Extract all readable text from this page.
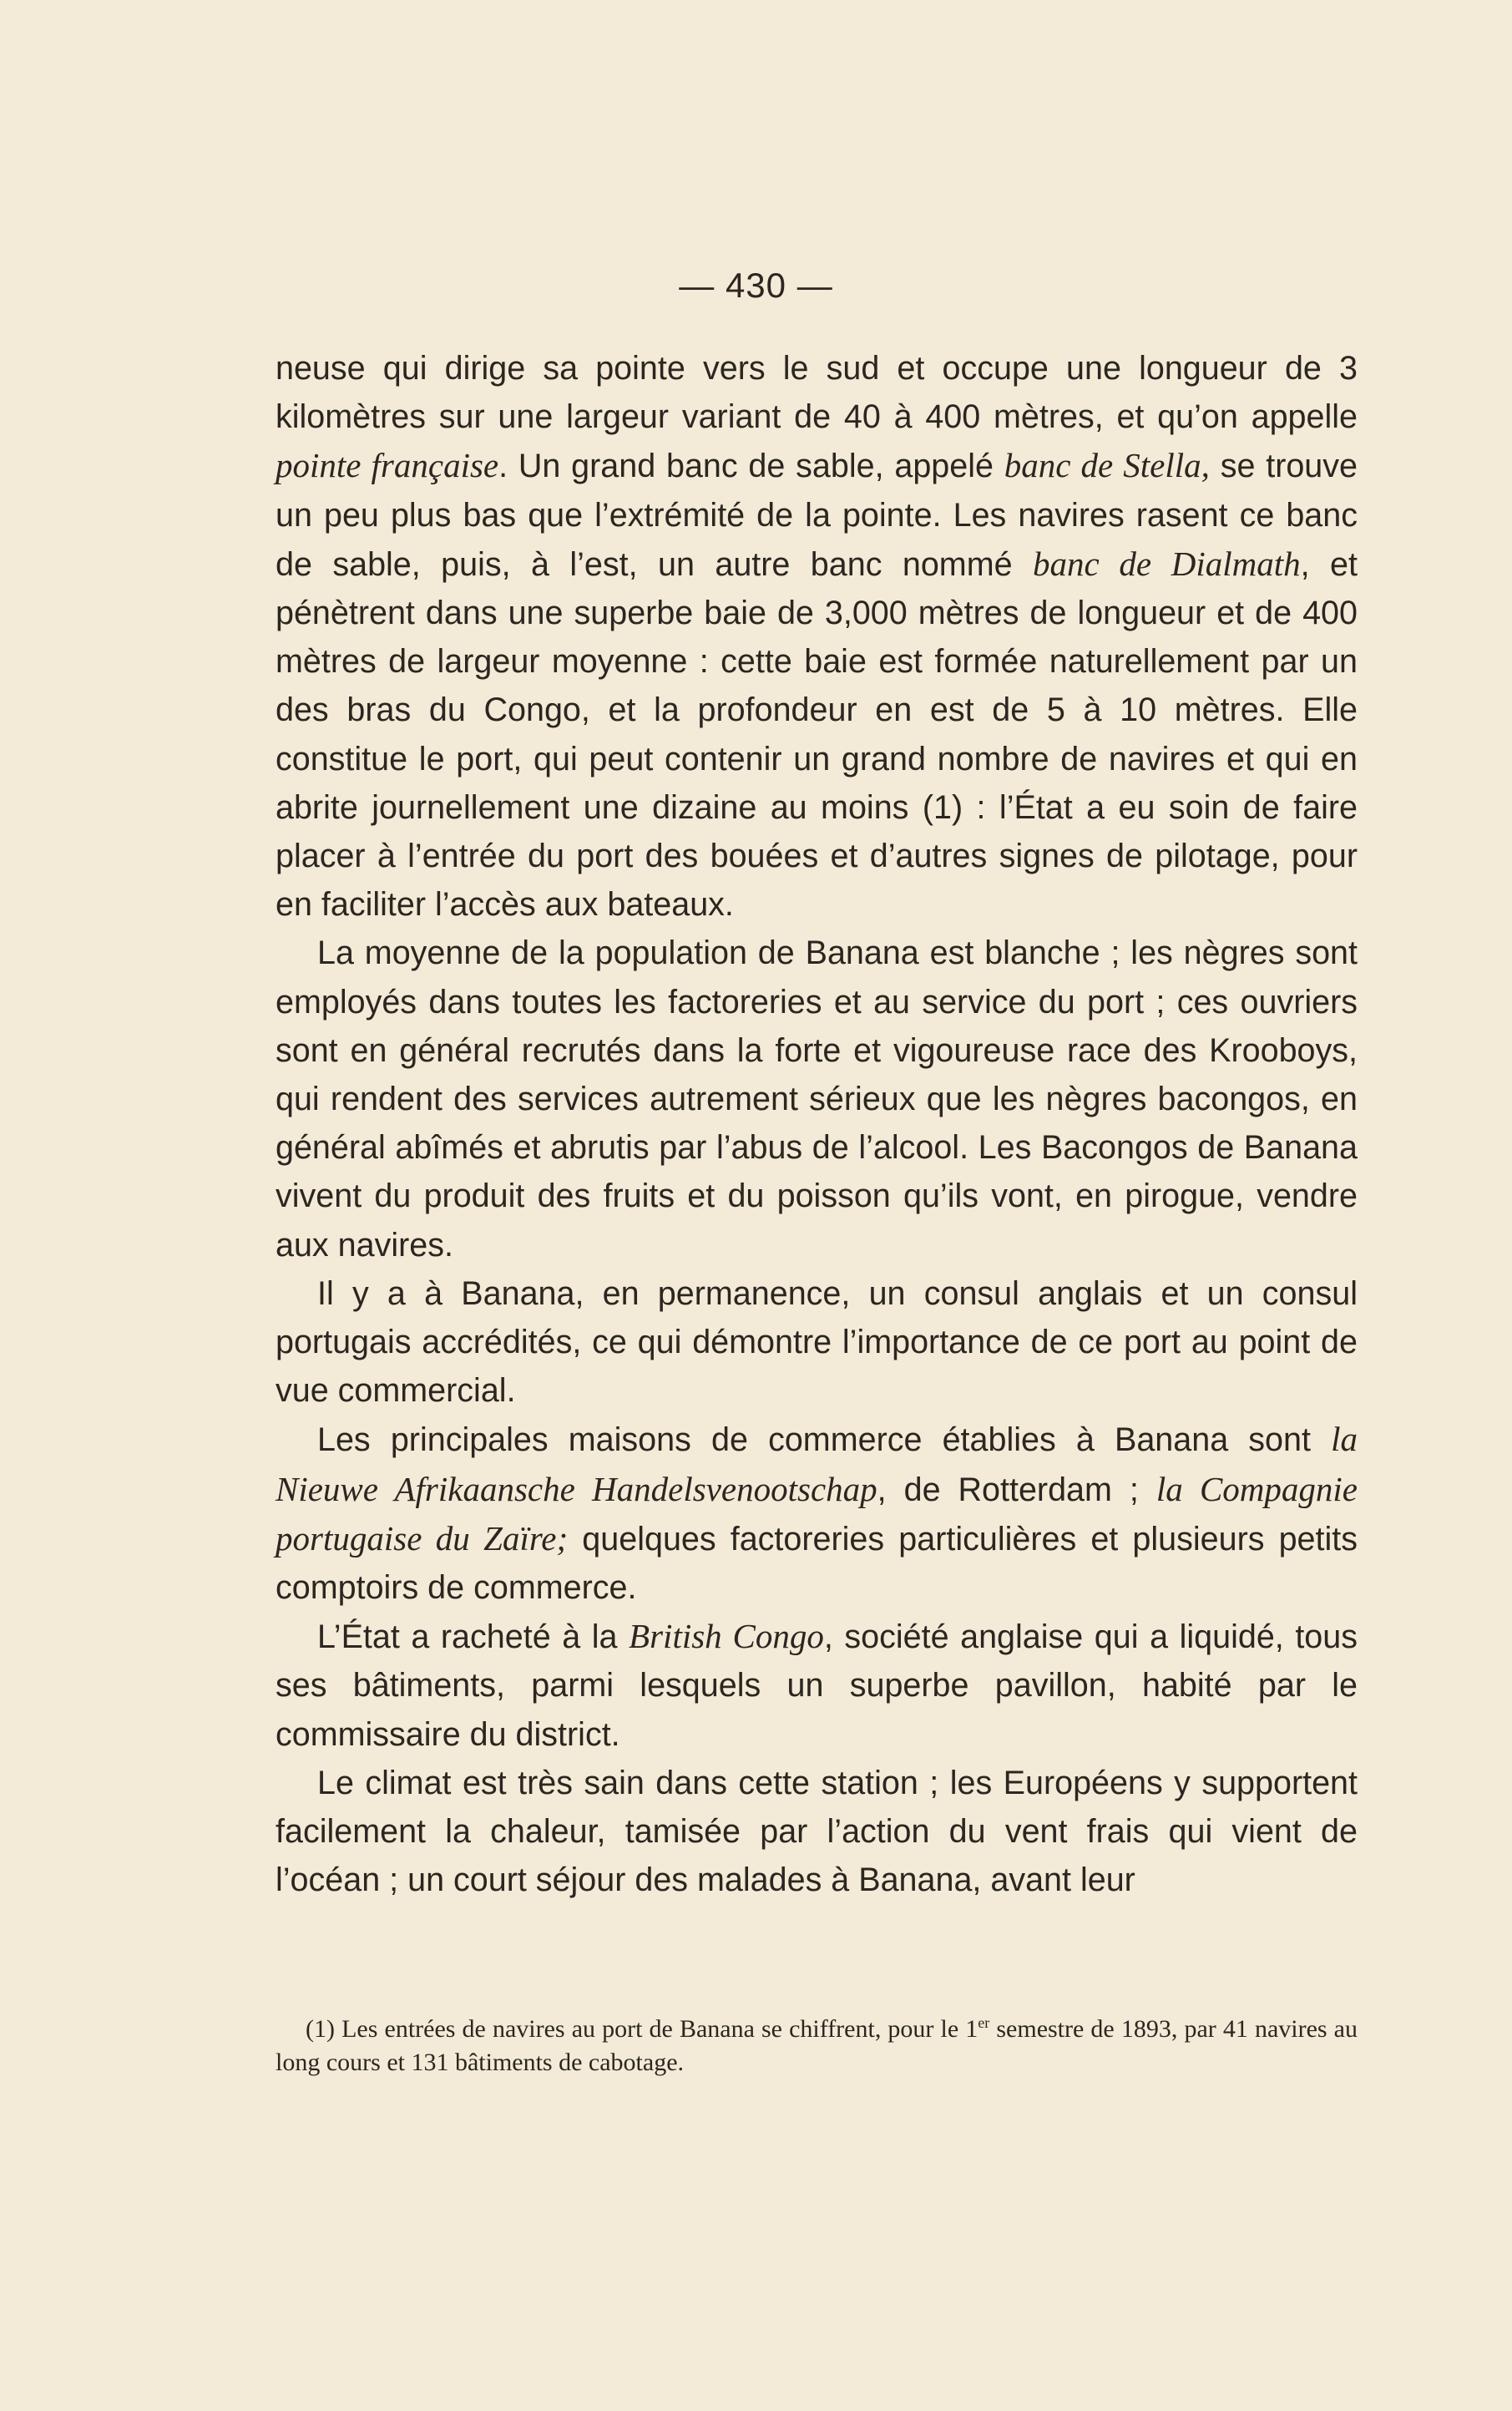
— 430 —

neuse qui dirige sa pointe vers le sud et occupe une longueur de 3 kilomètres sur une largeur variant de 40 à 400 mètres, et qu’on appelle pointe française. Un grand banc de sable, appelé banc de Stella, se trouve un peu plus bas que l’extrémité de la pointe. Les navires rasent ce banc de sable, puis, à l’est, un autre banc nommé banc de Dialmath, et pénètrent dans une superbe baie de 3,000 mètres de longueur et de 400 mètres de largeur moyenne : cette baie est formée naturellement par un des bras du Congo, et la profondeur en est de 5 à 10 mètres. Elle constitue le port, qui peut contenir un grand nombre de navires et qui en abrite journellement une dizaine au moins (1) : l’État a eu soin de faire placer à l’entrée du port des bouées et d’autres signes de pilotage, pour en faciliter l’accès aux bateaux.

La moyenne de la population de Banana est blanche ; les nègres sont employés dans toutes les factoreries et au service du port ; ces ouvriers sont en général recrutés dans la forte et vigoureuse race des Krooboys, qui rendent des services autrement sérieux que les nègres bacongos, en général abîmés et abrutis par l’abus de l’alcool. Les Bacongos de Banana vivent du produit des fruits et du poisson qu’ils vont, en pirogue, vendre aux navires.

Il y a à Banana, en permanence, un consul anglais et un consul portugais accrédités, ce qui démontre l’importance de ce port au point de vue commercial.

Les principales maisons de commerce établies à Banana sont la Nieuwe Afrikaansche Handelsvenootschap, de Rotterdam ; la Compagnie portugaise du Zaïre; quelques factoreries particulières et plusieurs petits comptoirs de commerce.

L’État a racheté à la British Congo, société anglaise qui a liquidé, tous ses bâtiments, parmi lesquels un superbe pavillon, habité par le commissaire du district.

Le climat est très sain dans cette station ; les Européens y supportent facilement la chaleur, tamisée par l’action du vent frais qui vient de l’océan ; un court séjour des malades à Banana, avant leur

(1) Les entrées de navires au port de Banana se chiffrent, pour le 1er semestre de 1893, par 41 navires au long cours et 131 bâtiments de cabotage.
